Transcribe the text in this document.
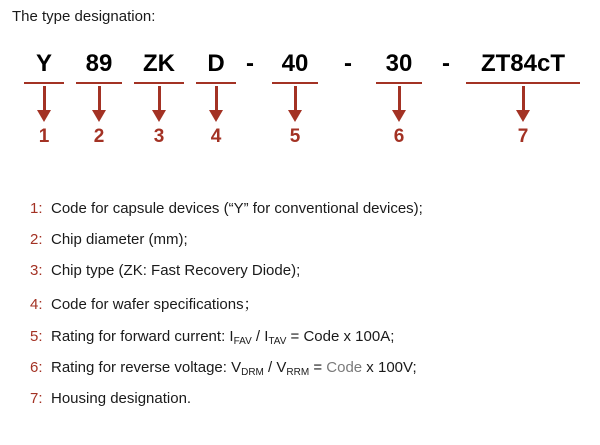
The type designation:
Y
1
89
2
ZK
3
D
4
40
5
30
6
ZT84cT
7
-	-	-
1: Code for capsule devices (“Y” for conventional devices);
2: Chip diameter (mm);
3: Chip type (ZK: Fast Recovery Diode);
4: Code for wafer specifications；
5: Rating for forward current: $I_{FAV} / I_{TAV}$ = Code x 100A;
6: Rating for reverse voltage: $V_{DRM} / V_{RRM}$ = Code x 100V;
7: Housing designation.
